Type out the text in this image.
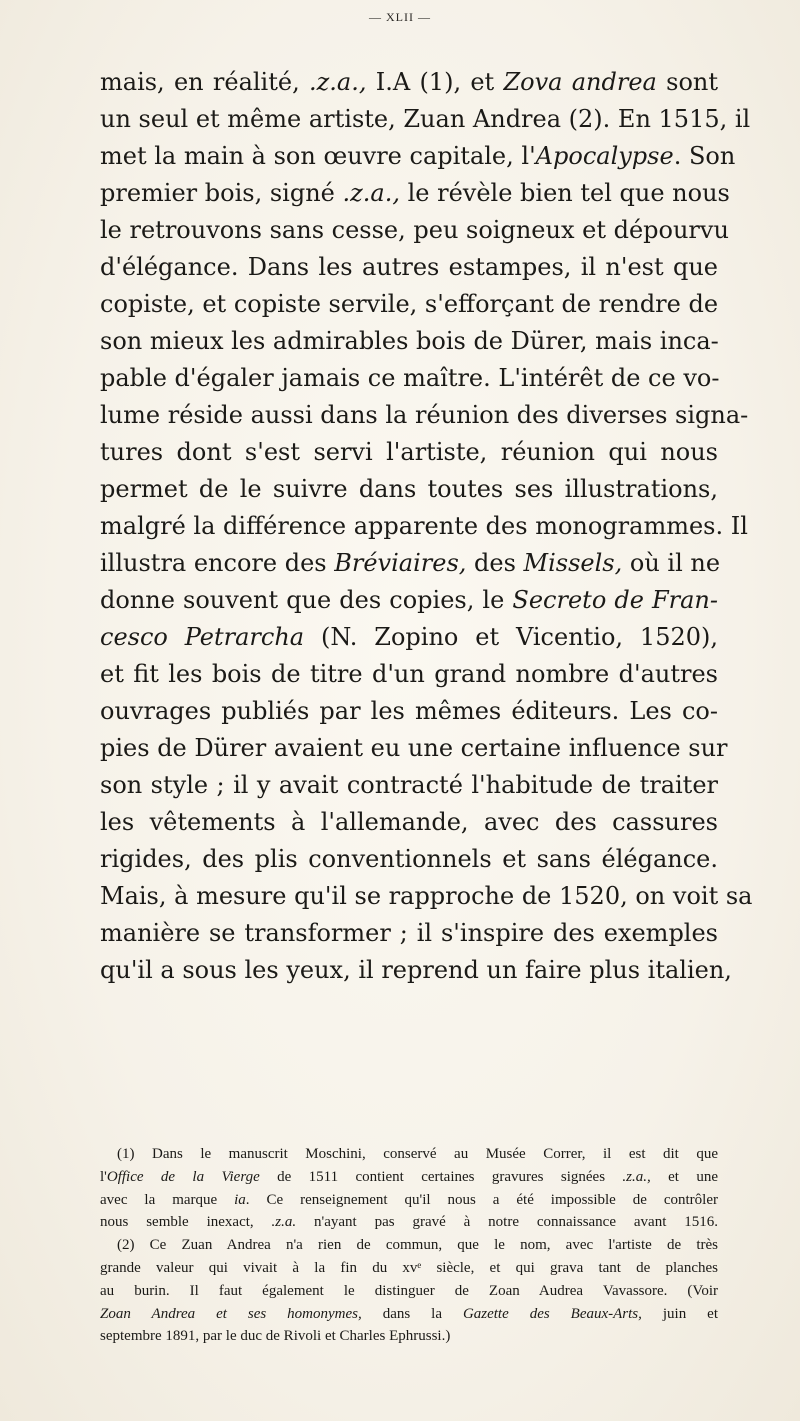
— XLII —
mais, en réalité, .z.a., I.A (1), et Zova andrea sont
un seul et même artiste, Zuan Andrea (2). En 1515, il
met la main à son œuvre capitale, l'Apocalypse. Son
premier bois, signé .z.a., le révèle bien tel que nous
le retrouvons sans cesse, peu soigneux et dépourvu
d'élégance. Dans les autres estampes, il n'est que
copiste, et copiste servile, s'efforçant de rendre de
son mieux les admirables bois de Dürer, mais inca-
pable d'égaler jamais ce maître. L'intérêt de ce vo-
lume réside aussi dans la réunion des diverses signa-
tures dont s'est servi l'artiste, réunion qui nous
permet de le suivre dans toutes ses illustrations,
malgré la différence apparente des monogrammes. Il
illustra encore des Bréviaires, des Missels, où il ne
donne souvent que des copies, le Secreto de Fran-
cesco Petrarcha (N. Zopino et Vicentio, 1520),
et fit les bois de titre d'un grand nombre d'autres
ouvrages publiés par les mêmes éditeurs. Les co-
pies de Dürer avaient eu une certaine influence sur
son style ; il y avait contracté l'habitude de traiter
les vêtements à l'allemande, avec des cassures
rigides, des plis conventionnels et sans élégance.
Mais, à mesure qu'il se rapproche de 1520, on voit sa
manière se transformer ; il s'inspire des exemples
qu'il a sous les yeux, il reprend un faire plus italien,
(1) Dans le manuscrit Moschini, conservé au Musée Correr, il est dit que
l'Office de la Vierge de 1511 contient certaines gravures signées .z.a., et une
avec la marque ia. Ce renseignement qu'il nous a été impossible de contrôler
nous semble inexact, .z.a. n'ayant pas gravé à notre connaissance avant 1516.
(2) Ce Zuan Andrea n'a rien de commun, que le nom, avec l'artiste de très
grande valeur qui vivait à la fin du xvᵉ siècle, et qui grava tant de planches
au burin. Il faut également le distinguer de Zoan Audrea Vavassore. (Voir
Zoan Andrea et ses homonymes, dans la Gazette des Beaux-Arts, juin et
septembre 1891, par le duc de Rivoli et Charles Ephrussi.)
